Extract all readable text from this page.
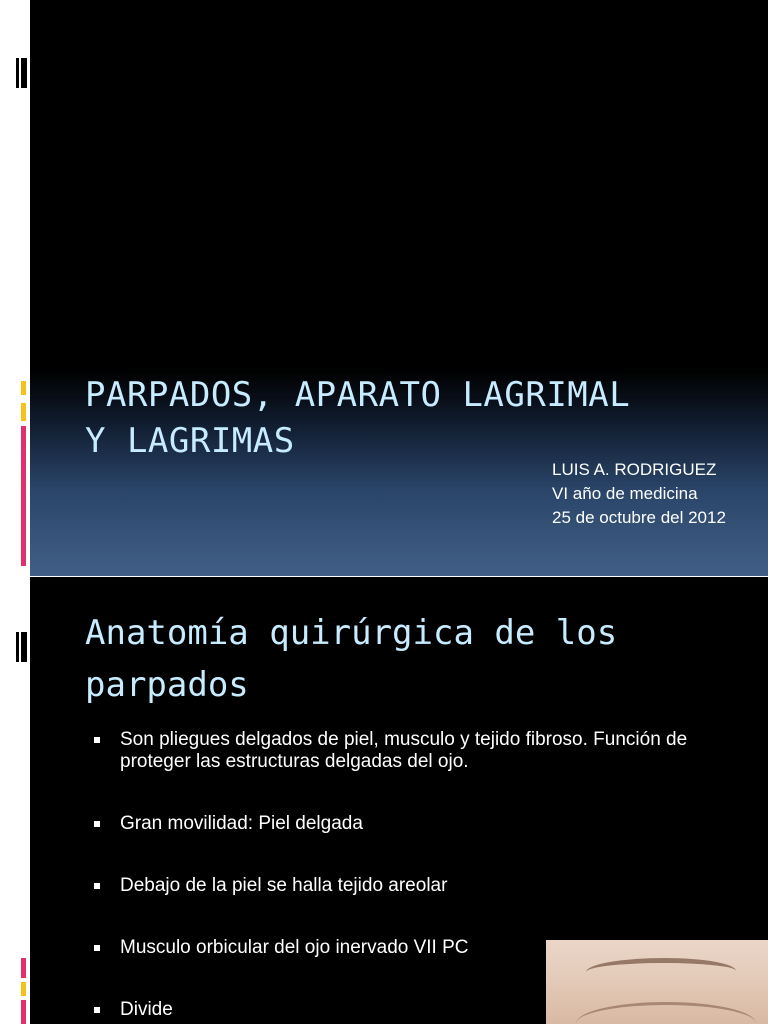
PARPADOS, APARATO LAGRIMAL
Y LAGRIMAS
LUIS A. RODRIGUEZ
VI año de medicina
25 de octubre del 2012
Anatomía quirúrgica de los parpados
Son pliegues delgados de piel, musculo y tejido fibroso. Función de proteger las estructuras delgadas del ojo.
Gran movilidad: Piel delgada
Debajo de la piel se halla tejido areolar
Musculo orbicular del ojo inervado VII PC
Divide
